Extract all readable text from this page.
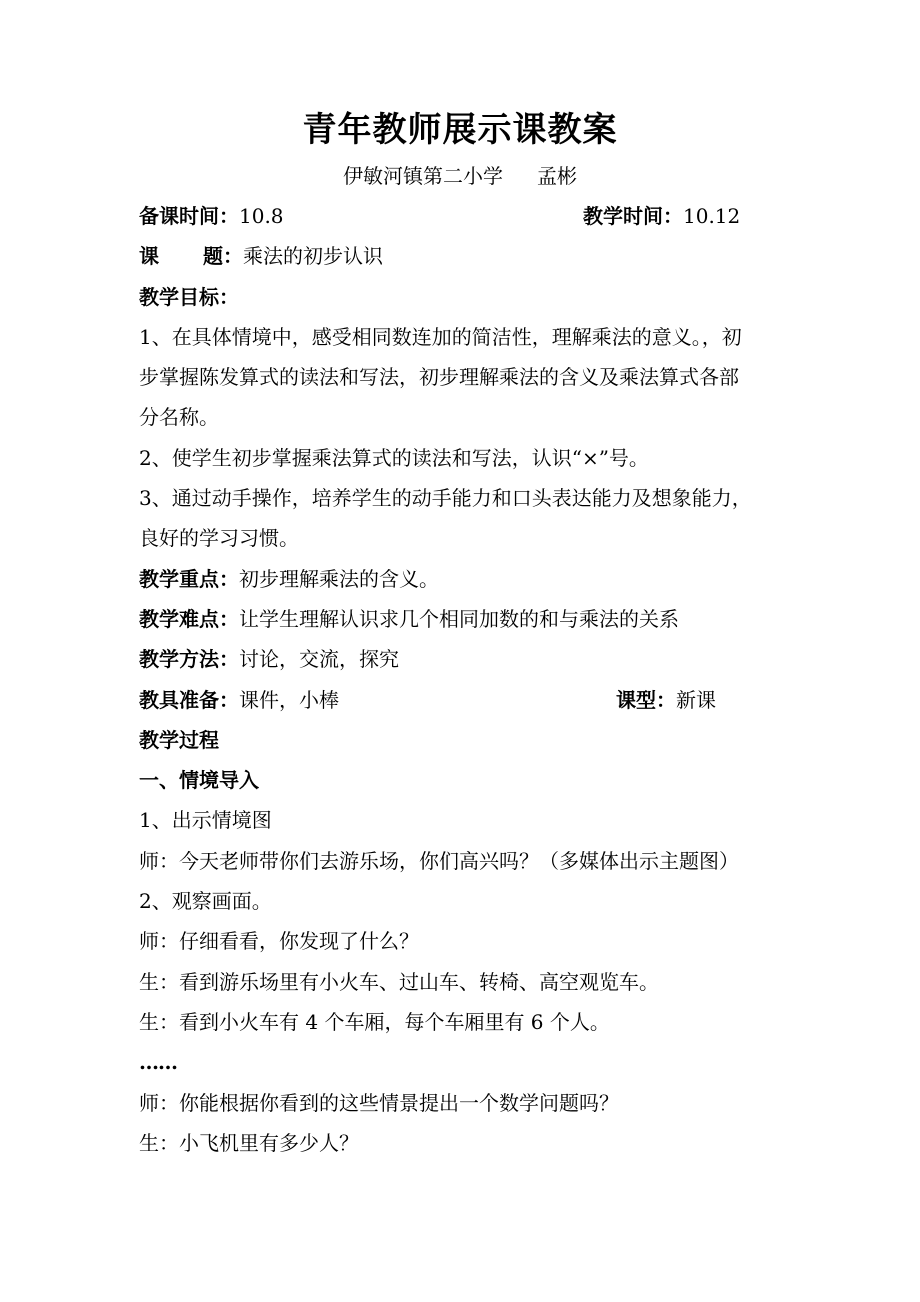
青年教师展示课教案
伊敏河镇第二小学 孟彬
备课时间：10.8	教学时间：10.12
课 题：乘法的初步认识
教学目标：
1、在具体情境中，感受相同数连加的简洁性，理解乘法的意义。，初
步掌握陈发算式的读法和写法，初步理解乘法的含义及乘法算式各部
分名称。
2、使学生初步掌握乘法算式的读法和写法，认识“×”号。
3、通过动手操作，培养学生的动手能力和口头表达能力及想象能力，
良好的学习习惯。
教学重点：初步理解乘法的含义。
教学难点：让学生理解认识求几个相同加数的和与乘法的关系
教学方法：讨论，交流，探究
教具准备：课件，小棒	课型：新课
教学过程
一、情境导入
1、出示情境图
师：今天老师带你们去游乐场，你们高兴吗？（多媒体出示主题图）
2、观察画面。
师：仔细看看，你发现了什么？
生：看到游乐场里有小火车、过山车、转椅、高空观览车。
生：看到小火车有 4 个车厢，每个车厢里有 6 个人。
……
师：你能根据你看到的这些情景提出一个数学问题吗？
生：小飞机里有多少人？
